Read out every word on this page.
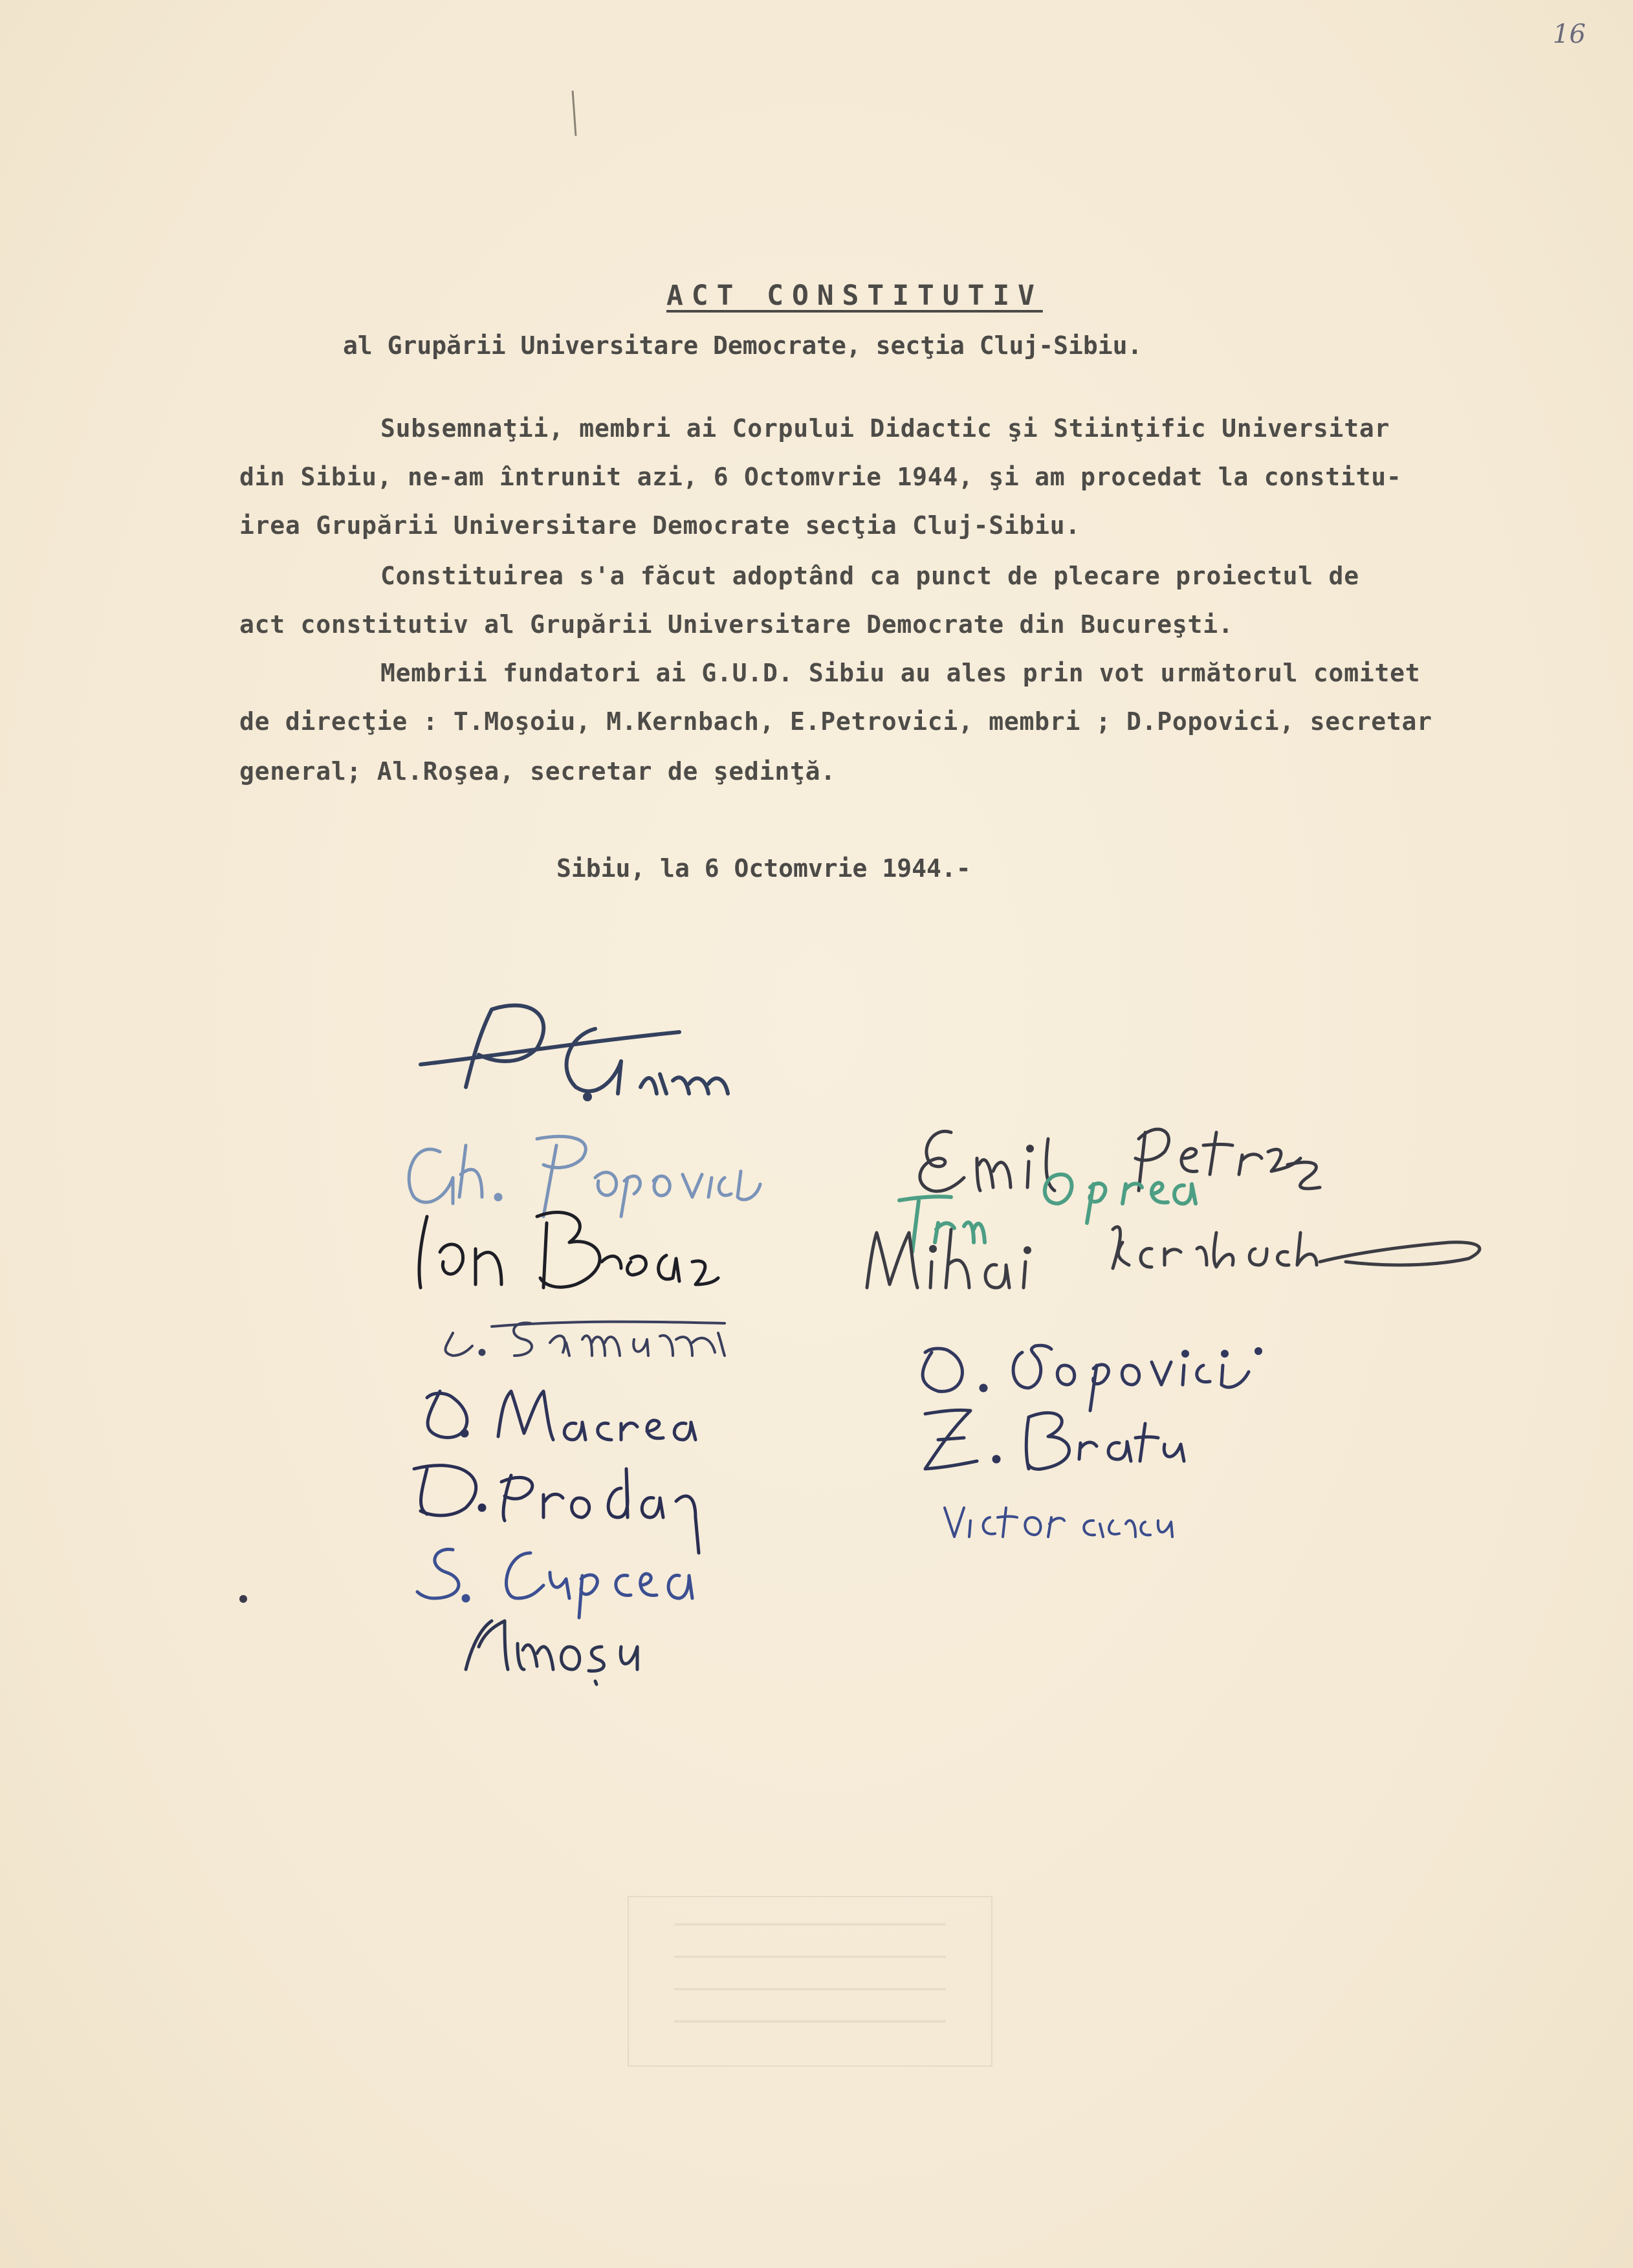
16
ACT CONSTITUTIV
al Grupării Universitare Democrate, secţia Cluj-Sibiu.
Subsemnaţii, membri ai Corpului Didactic şi Stiinţific Universitar
din Sibiu, ne-am întrunit azi, 6 Octomvrie 1944, şi am procedat la constitu-
irea Grupării Universitare Democrate secţia Cluj-Sibiu.
Constituirea s'a făcut adoptând ca punct de plecare proiectul de
act constitutiv al Grupării Universitare Democrate din Bucureşti.
Membrii fundatori ai G.U.D. Sibiu au ales prin vot următorul comitet
de direcţie : T.Moşoiu, M.Kernbach, E.Petrovici, membri ; D.Popovici, secretar
general; Al.Roşea, secretar de şedinţă.
Sibiu, la 6 Octomvrie 1944.-
